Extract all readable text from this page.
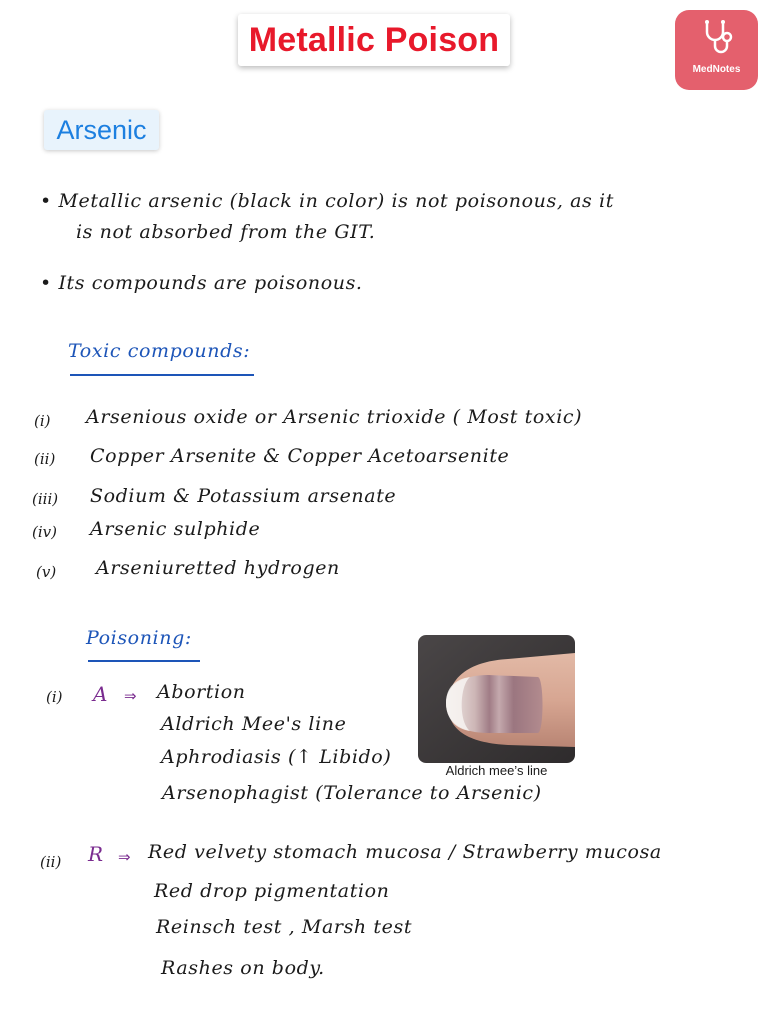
Metallic Poison
MedNotes
Arsenic
• Metallic arsenic (black in color) is not poisonous, as it
is not absorbed from the GIT.
• Its compounds are poisonous.
Toxic compounds:
(i) Arsenious oxide or Arsenic trioxide ( Most toxic)
(ii) Copper Arsenite & Copper Acetoarsenite
(iii) Sodium & Potassium arsenate
(iv) Arsenic sulphide
(v) Arseniuretted hydrogen
Poisoning:
(i) A ⇒ Abortion
Aldrich Mee's line
Aphrodiasis (↑ Libido)
Arsenophagist (Tolerance to Arsenic)
Aldrich mee’s line
(ii) R ⇒ Red velvety stomach mucosa / Strawberry mucosa
Red drop pigmentation
Reinsch test , Marsh test
Rashes on body.
